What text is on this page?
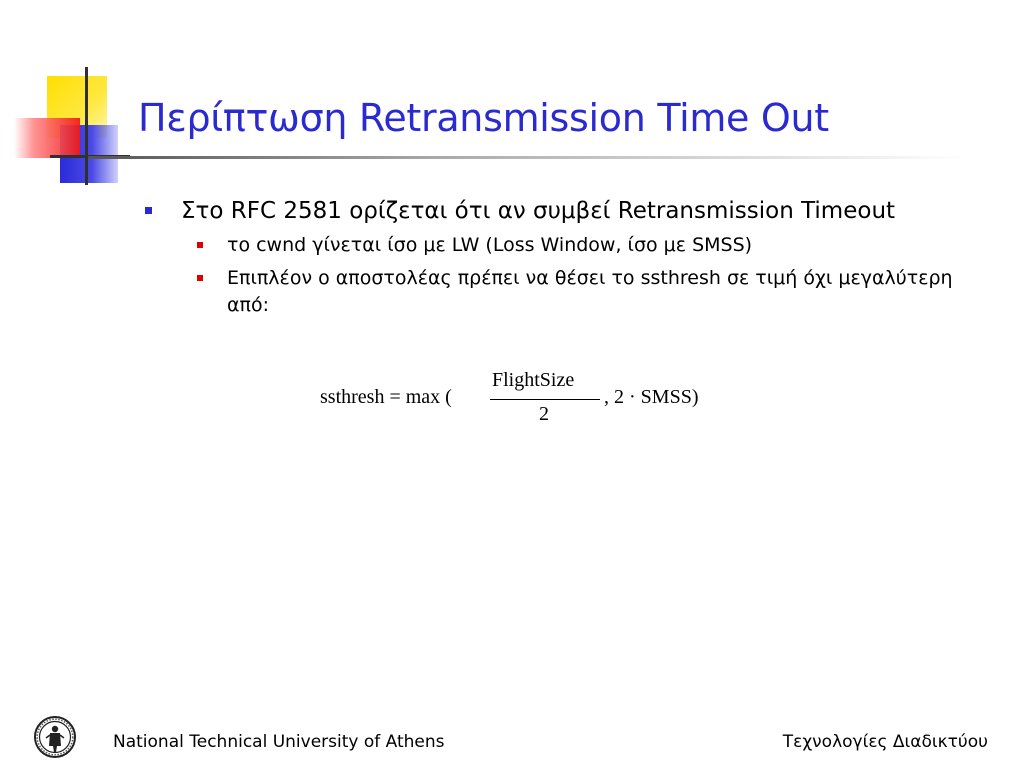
Περίπτωση Retransmission Time Out
Στο RFC 2581 ορίζεται ότι αν συμβεί Retransmission Timeout
το cwnd γίνεται ίσο με LW (Loss Window, ίσο με SMSS)
Επιπλέον ο αποστολέας πρέπει να θέσει το ssthresh σε τιμή όχι μεγαλύτερη από:
ssthresh = max (
FlightSize
2
, 2 · SMSS)
National Technical University of Athens	Τεχνολογίες Διαδικτύου
